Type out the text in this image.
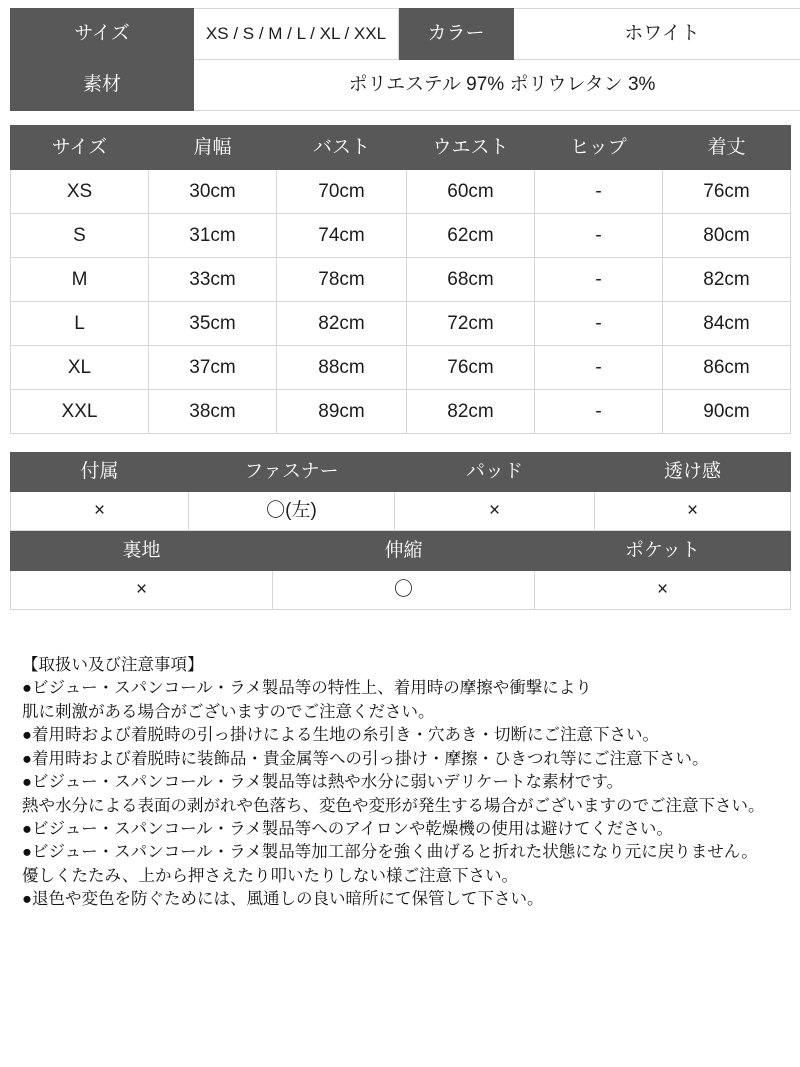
サイズ	XS / S / M / L / XL / XXL	カラー	ホワイト
素材	ポリエステル 97% ポリウレタン 3%		
サイズ	肩幅	バスト	ウエスト	ヒップ	着丈
XS	30cm	70cm	60cm	-	76cm
S	31cm	74cm	62cm	-	80cm
M	33cm	78cm	68cm	-	82cm
L	35cm	82cm	72cm	-	84cm
XL	37cm	88cm	76cm	-	86cm
XXL	38cm	89cm	82cm	-	90cm
付属	ファスナー	パッド	透け感
×	〇(左)	×	×
裏地	伸縮	ポケット
×	〇	×
【取扱い及び注意事項】
●ビジュー・スパンコール・ラメ製品等の特性上、着用時の摩擦や衝撃により
肌に刺激がある場合がございますのでご注意ください。
●着用時および着脱時の引っ掛けによる生地の糸引き・穴あき・切断にご注意下さい。
●着用時および着脱時に装飾品・貴金属等への引っ掛け・摩擦・ひきつれ等にご注意下さい。
●ビジュー・スパンコール・ラメ製品等は熱や水分に弱いデリケートな素材です。
熱や水分による表面の剥がれや色落ち、変色や変形が発生する場合がございますのでご注意下さい。
●ビジュー・スパンコール・ラメ製品等へのアイロンや乾燥機の使用は避けてください。
●ビジュー・スパンコール・ラメ製品等加工部分を強く曲げると折れた状態になり元に戻りません。
優しくたたみ、上から押さえたり叩いたりしない様ご注意下さい。
●退色や変色を防ぐためには、風通しの良い暗所にて保管して下さい。
